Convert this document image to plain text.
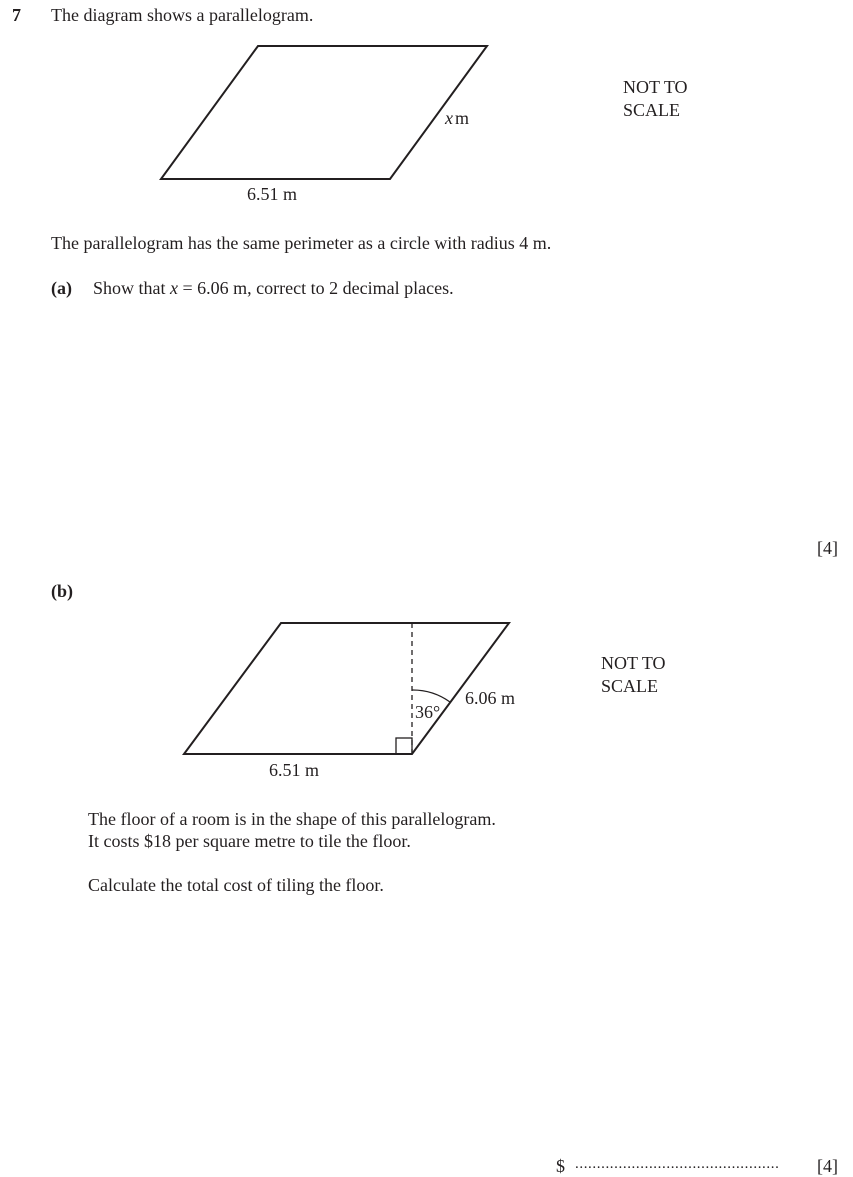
7 The diagram shows a parallelogram.
x m
6.51 m
NOT TO
SCALE
The parallelogram has the same perimeter as a circle with radius 4 m.
(a) Show that x = 6.06 m, correct to 2 decimal places.
[4]
(b)
36°
6.06 m
6.51 m
NOT TO
SCALE
The floor of a room is in the shape of this parallelogram.
It costs $18 per square metre to tile the floor.
Calculate the total cost of tiling the floor.
$ ............................................... [4]
